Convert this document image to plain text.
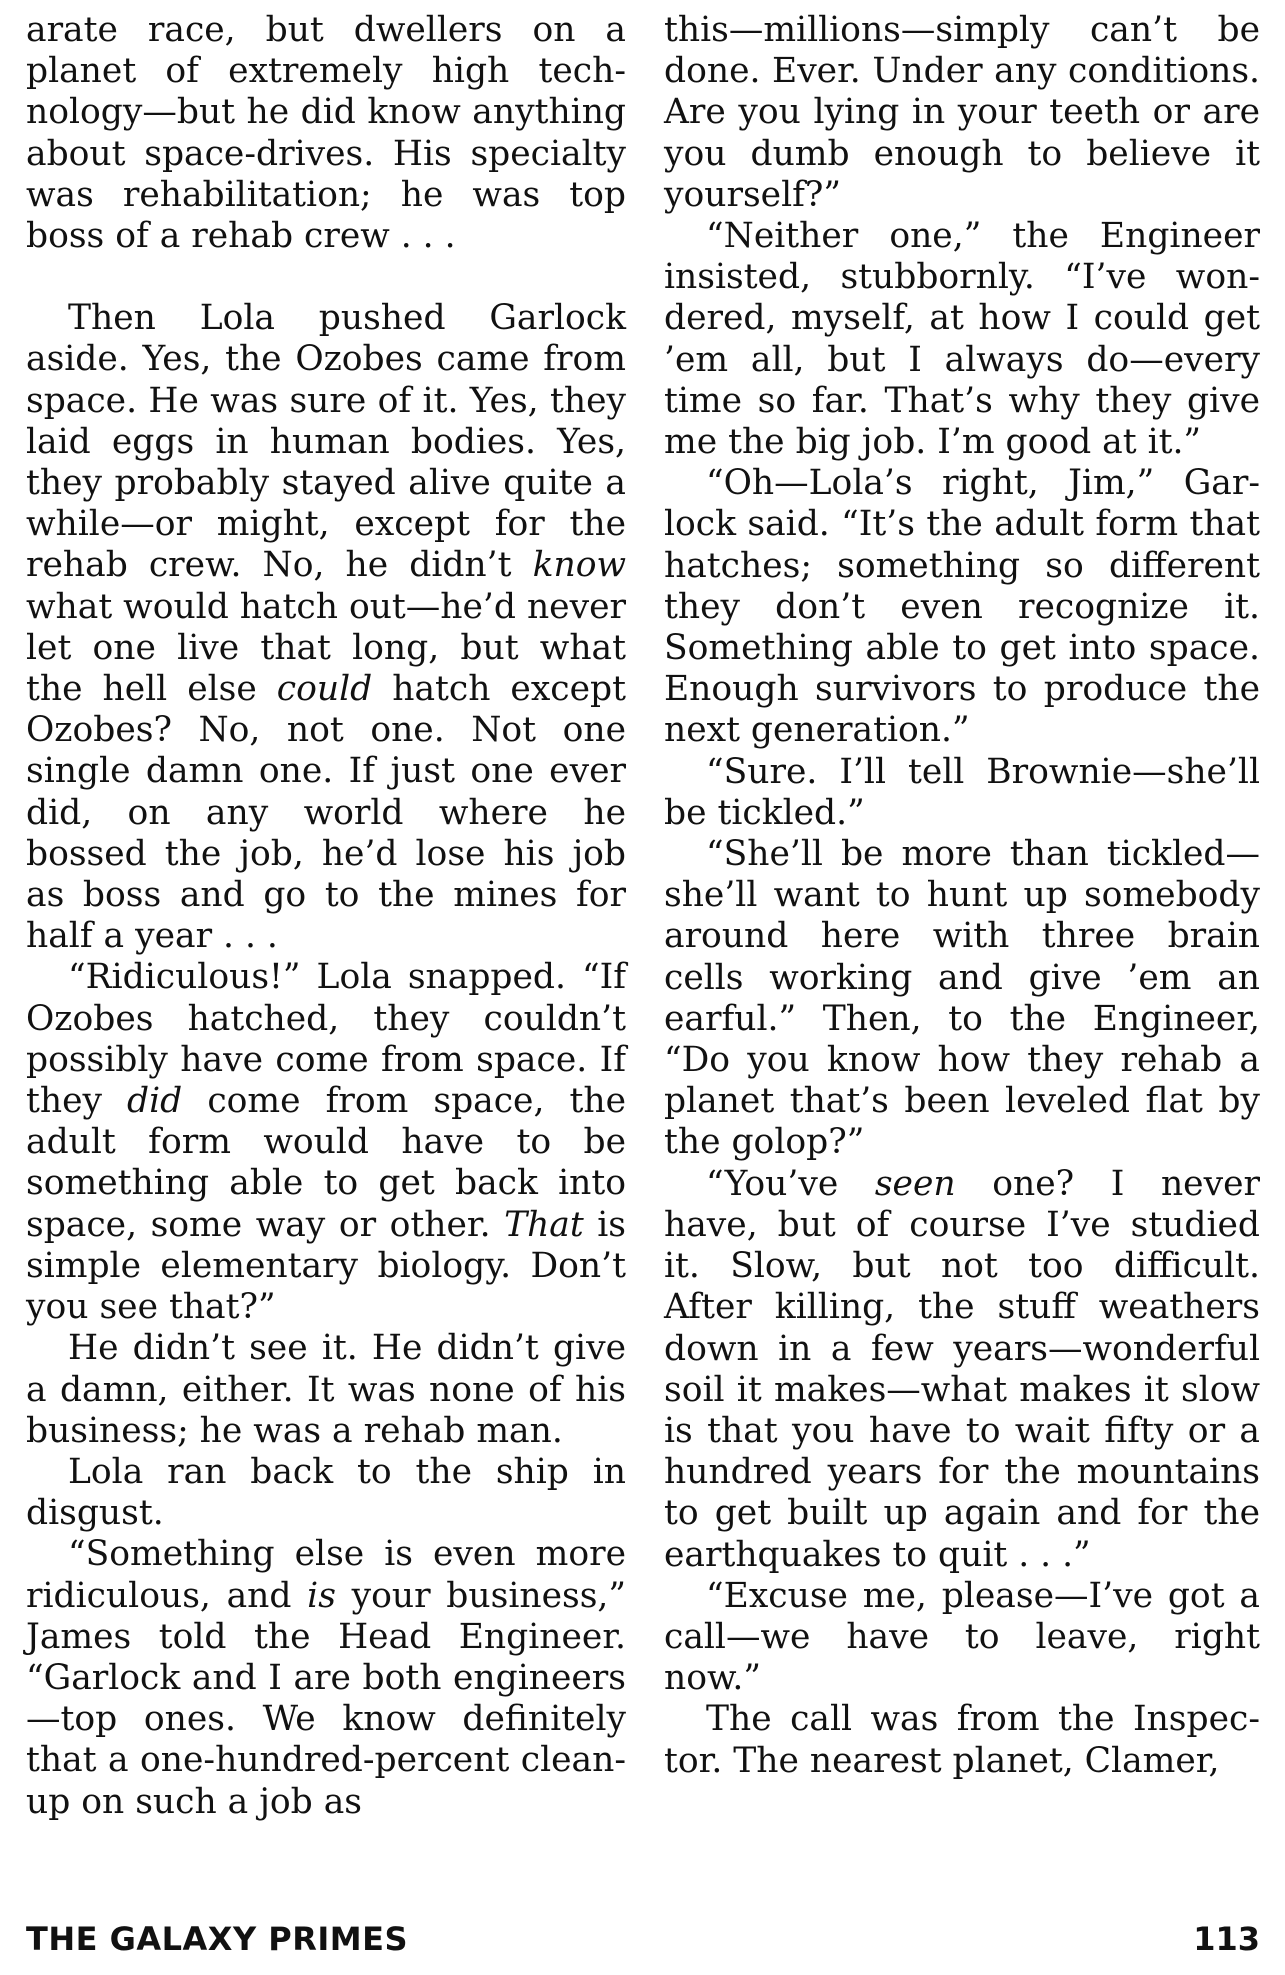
arate race, but dwellers on a planet of extremely high technology—but he did know anything about space-drives. His specialty was rehabilitation; he was top boss of a rehab crew . . .

Then Lola pushed Garlock aside. Yes, the Ozobes came from space. He was sure of it. Yes, they laid eggs in human bodies. Yes, they probably stayed alive quite a while—or might, except for the rehab crew. No, he didn’t know what would hatch out—he’d never let one live that long, but what the hell else could hatch except Ozobes? No, not one. Not one single damn one. If just one ever did, on any world where he bossed the job, he’d lose his job as boss and go to the mines for half a year . . .

“Ridiculous!” Lola snapped. “If Ozobes hatched, they couldn’t possibly have come from space. If they did come from space, the adult form would have to be something able to get back into space, some way or other. That is simple elementary biology. Don’t you see that?”

He didn’t see it. He didn’t give a damn, either. It was none of his business; he was a rehab man.

Lola ran back to the ship in disgust.

“Something else is even more ridiculous, and is your business,” James told the Head Engineer. “Garlock and I are both engineers—top ones. We know definitely that a one-hundred-percent clean-up on such a job as

this—millions—simply can’t be done. Ever. Under any conditions. Are you lying in your teeth or are you dumb enough to believe it yourself?”

“Neither one,” the Engineer insisted, stubbornly. “I’ve wondered, myself, at how I could get ’em all, but I always do—every time so far. That’s why they give me the big job. I’m good at it.”

“Oh—Lola’s right, Jim,” Garlock said. “It’s the adult form that hatches; something so different they don’t even recognize it. Something able to get into space. Enough survivors to produce the next generation.”

“Sure. I’ll tell Brownie—she’ll be tickled.”

“She’ll be more than tickled—she’ll want to hunt up somebody around here with three brain cells working and give ’em an earful.” Then, to the Engineer, “Do you know how they rehab a planet that’s been leveled flat by the golop?”

“You’ve seen one? I never have, but of course I’ve studied it. Slow, but not too difficult. After killing, the stuff weathers down in a few years—wonderful soil it makes—what makes it slow is that you have to wait fifty or a hundred years for the mountains to get built up again and for the earthquakes to quit . . .”

“Excuse me, please—I’ve got a call—we have to leave, right now.”

The call was from the Inspector. The nearest planet, Clamer,

THE GALAXY PRIMES	113
